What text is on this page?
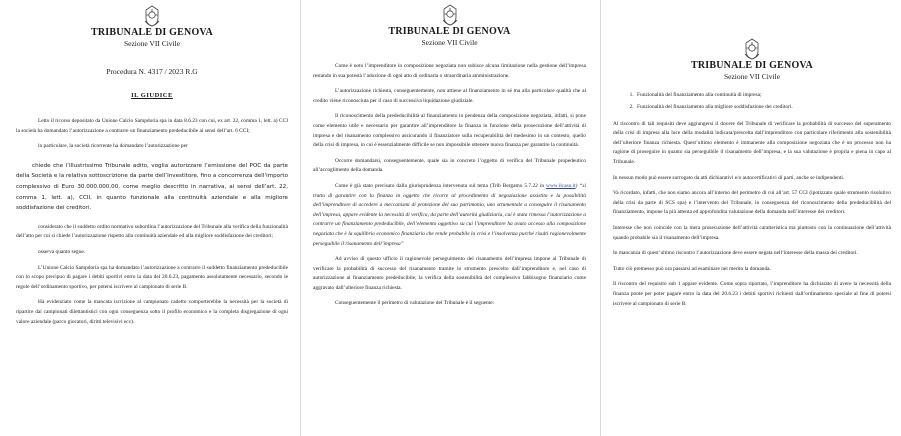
TRIBUNALE DI GENOVA
Sezione VII Civile
Procedura N. 4317 / 2023 R.G
IL GIUDICE

Letto il ricorso depositato da Unione Calcio Sampdoria spa in data 8.6.23 con cui, ex art. 22, comma 1, lett. a) CCI la società ha domandato l’autorizzazione a contrarre un finanziamento prededucibile ai sensi dell’art. 6 CCI;

in particolare, la società ricorrente ha domandato l’autorizzazione per

chiede che l’Illustrissimo Tribunale adito, voglia autorizzare l’emissione del POC da parte della Società e la relativa sottoscrizione da parte dell’Investitore, fino a concorrenza dell’importo complessivo di Euro 30.000.000,00, come meglio descritto in narrativa, ai sensi dell’art. 22, comma 1, lett. a), CCII, in quanto funzionale alla continuità aziendale e alla migliore soddisfazione dei creditori.

considerato che il suddetto ordito normativo subordina l’autorizzazione del Tribunale alla verifica della funzionalità dell’atto per cui si chiede l’autorizzazione rispetto alla continuità aziendale ed alla migliore soddisfazione dei creditori;

osserva quanto segue.

L’Unione Calcio Sampdoria spa ha domandato l’autorizzazione a contrarre il suddetto finanziamento prededucibile con lo scopo precipuo di pagare i debiti sportivi entro la data del 20.6.23, pagamento assolutamente necessario, secondo le regole dell’ordinamento sportivo, per potersi iscrivere al campionato di serie B.

Ha evidenziato come la mancata iscrizione al campionato cadetto comporterebbe la necessità per la società di ripartire dai campionati dilettantistici con ogni conseguenza sotto il profilo economico e la completa disgregazione di ogni valore aziendale (parco giocatori, diritti televisivi ecc).

TRIBUNALE DI GENOVA
Sezione VII Civile

Come è noto l’imprenditore in composizione negoziata non subisce alcuna limitazione nella gestione dell’impresa restando in sua potestà l’adozione di ogni atto di ordinaria o straordinaria amministrazione.

L’autorizzazione richiesta, conseguentemente, non attiene al finanziamento in sé ma alla particolare qualità che al credito viene riconosciuta per il caso di successiva liquidazione giudiziale.

Il riconoscimento della prededucibilità al finanziamento in pendenza della composizione negoziata, infatti, si pone come elemento utile e necessario per garantire all’imprenditore la finanza in funzione della prosecuzione dell’attività di impresa e del risanamento complessivo assicurando il finanziatore sulla recuperabilità del medesimo in un contesto, quello della crisi di impresa, in cui è essenzialmente difficile se non impossibile ottenere nuova finanza per garantire la continuità.

Occorre domandarsi, conseguentemente, quale sia in concreto l’oggetto di verifica del Tribunale propedeutico all’accoglimento della domanda.

Come è già stato precisato dalla giurisprudenza intervenuta sul tema (Trib Bergamo 5.7.22 in www.ilcaso.it) “si tratta di garantire con la finanza in oggetto che ricorre al procedimento di negoziazione assistita e la possibilità dell’imprenditore di accedere a meccanismi di protezione del suo patrimonio, uno strumentale a conseguire il risanamento dell’impresa, appare evidente la necessità di verifica, da parte dell’autorità giudiziaria, cui è stata rimessa l’autorizzazione a contrarre un finanziamento prededucibile, dell’elemento oggettivo su cui l’imprenditore ha avuto accesso alla composizione negoziata che è la squilibrio economico finanziario che rende probabile la crisi e l’insolvenza purché risulti ragionevolmente perseguibile il risanamento dell’impresa”

Ad avviso di questo ufficio il ragionevole perseguimento del risanamento dell’impresa impone al Tribunale di verificare la probabilità di successo del risanamento tramite lo strumento prescelto dall’imprenditore e, nel caso di autorizzazione al finanziamento prededucibile, la verifica della sostenibilità del complessivo fabbisogno finanziario come aggravato dall’ulteriore finanza richiesta.

Conseguentemente il perimetro di valutazione del Tribunale è il seguente:

TRIBUNALE DI GENOVA
Sezione VII Civile
1. Funzionalità del finanziamento alla continuità di impresa;
2. Funzionalità del finanziamento alla migliore soddisfazione dei creditori.

Al riscontro di tali requisiti deve aggiungersi il dovere del Tribunale di verificare la probabilità di successo del superamento della crisi di impresa alla luce della modalità indicata/prescelta dall’imprenditore con particolare riferimento alla sostenibilità dell’ulteriore finanza richiesta. Quest’ultimo elemento è immanente alla composizione negoziata che è un processo non ha ragione di proseguire in quanto sia perseguibile il risanamento dell’impresa, e la sua valutazione è propria e piena in capo al Tribunale.

In nessun modo può essere surrogato da atti dichiarativi e/o autocertificativi di parti, anche se indipendenti.

Va ricordato, infatti, che non siamo ancora all’interno del perimetro di cui all’art. 57 CCI (ipotizzato quale strumento risolutivo della crisi da parte di SCS spa) e l’intervento del Tribunale, in conseguenza del riconoscimento della prededucibilità del finanziamento, impone la più attenta ed approfondita valutazione della domanda nell’interesse dei creditori.

Interesse che non coincide con la mera prosecuzione dell’attività caratteristica ma piuttosto con la continuazione dell’attività quando probabile sia il risanamento dell’impresa.

In mancanza di quest’ultimo riscontro l’autorizzazione deve essere negata nell’interesse della massa dei creditori.

Tutto ciò premesso può ora passarsi ad esaminare nel merito la domanda.

Il riscontro del requisito sub 1 appare evidente. Come sopra riportato, l’imprenditore ha dichiarato di avere la necessità della finanza ponte per poter pagare entro la data del 20.6.23 i debiti sportivi richiesti dall’ordinamento speciale al fine di potersi iscrivere al campionato di serie B.
